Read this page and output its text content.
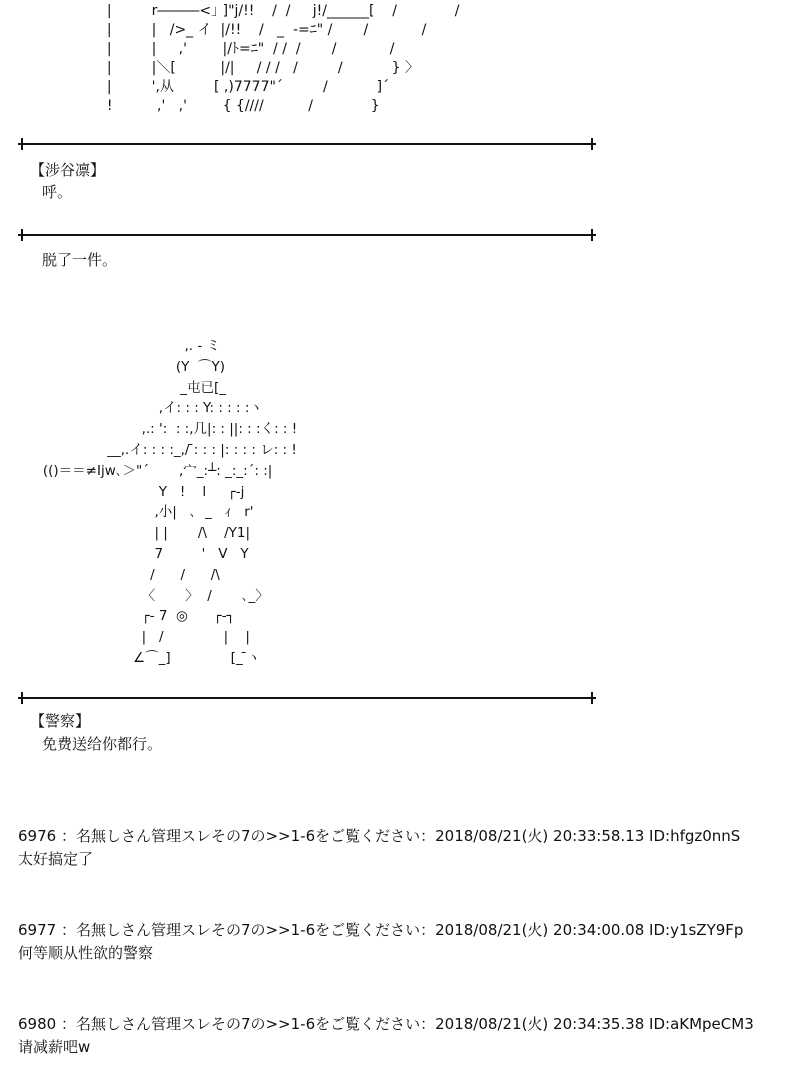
|         r―――<｣ ]"j/!!    /  /     j!/______[    /             /
|         |   />_ イ  |/!!    /   _  -=ﾆ" /       /            /
|         |     ,'        |/ﾄ=ﾆ"  / /  /       /            /
|         |＼[          |/|     / / /   /         /           } 〉
|         ',从         [ ,)7777"´         /           ]´
!          ,'   ,'        { {////          /             }
【涉谷凛】
呼。
脱了一件。
,. - ミ
(Y  ⌒Y)
_屯已[_
,イ: : : Y: : : : :ヽ
,.: ':  : :,几|: : ||: : :く: : !
__,.イ: : : :_,/ ̄: : : |: : : : レ: : !
(()＝＝≠Ijw､＞"´       ,宀_:┴: _:_:´: :|
Y   !    l     ┌‐j
,小|   ､  _   ｨ   r'
| |       /\    /Y1|
7         '   V   Y
/      /      /\
〈       〉  /       ､_〉
┌‐ 7  ◎      ┌‐┐
|   /              |    |
∠⌒_]              [_ ̄ヽ
【警察】
免费送给你都行。
6976 ：名無しさん管理スレその7の>>1-6をご覧ください：2018/08/21(火) 20:33:58.13 ID:hfgz0nnS
太好搞定了
6977 ：名無しさん管理スレその7の>>1-6をご覧ください：2018/08/21(火) 20:34:00.08 ID:y1sZY9Fp
何等顺从性欲的警察
6980 ：名無しさん管理スレその7の>>1-6をご覧ください：2018/08/21(火) 20:34:35.38 ID:aKMpeCM3
请减薪吧w
